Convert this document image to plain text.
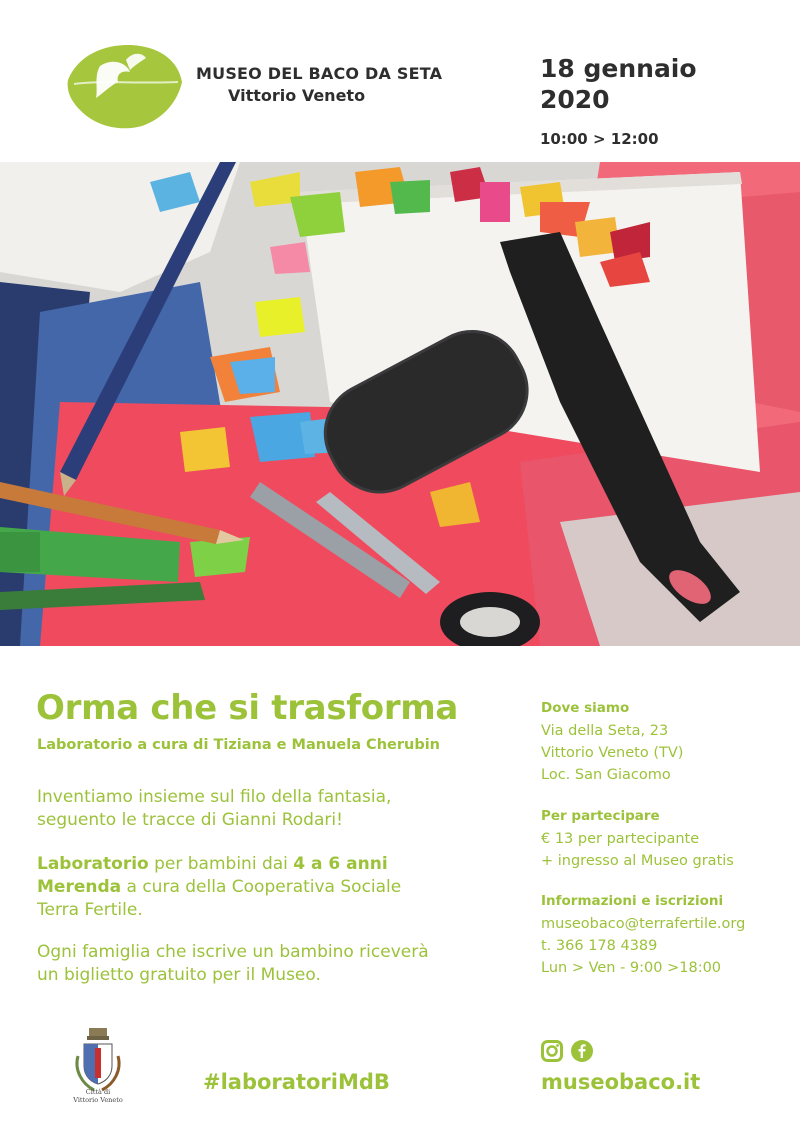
MUSEO DEL BACO DA SETA
Vittorio Veneto
18 gennaio
2020
10:00 > 12:00
Orma che si trasforma
Laboratorio a cura di Tiziana e Manuela Cherubin
Inventiamo insieme sul filo della fantasia,
seguento le tracce di Gianni Rodari!
Laboratorio per bambini dai 4 a 6 anni
Merenda a cura della Cooperativa Sociale
Terra Fertile.
Ogni famiglia che iscrive un bambino riceverà
un biglietto gratuito per il Museo.
Dove siamo
Via della Seta, 23
Vittorio Veneto (TV)
Loc. San Giacomo
Per partecipare
€ 13 per partecipante
+ ingresso al Museo gratis
Informazioni e iscrizioni
museobaco@terrafertile.org
t. 366 178 4389
Lun > Ven - 9:00 >18:00
Città di
Vittorio Veneto
#laboratoriMdB	museobaco.it
